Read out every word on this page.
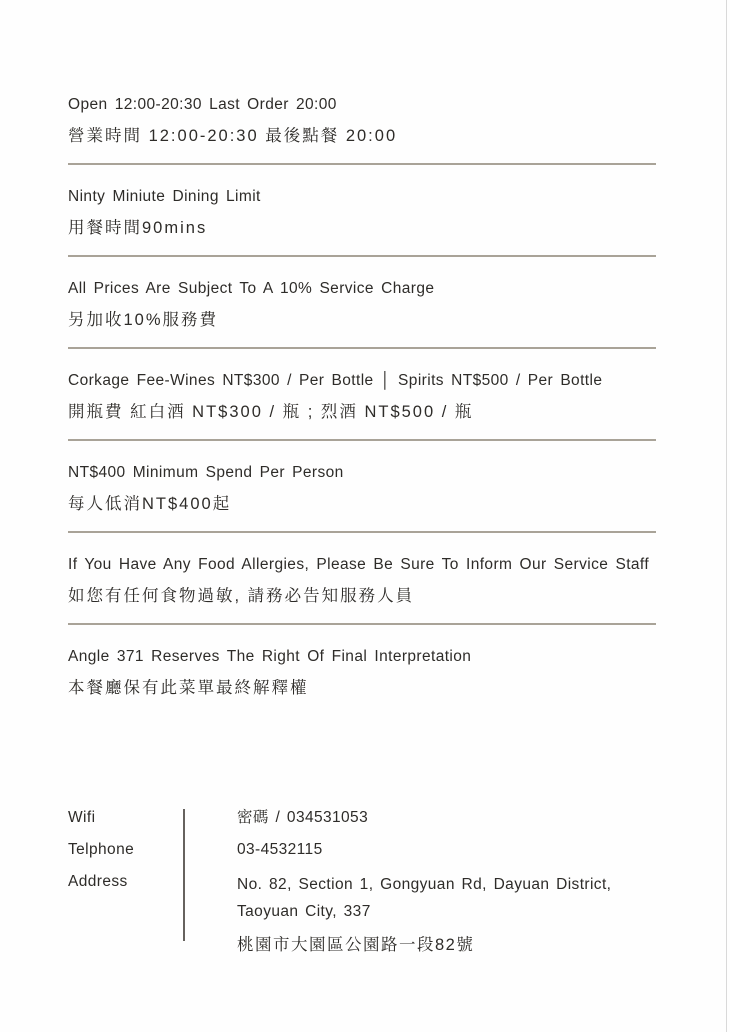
Open 12:00-20:30 Last Order 20:00

營業時間 12:00-20:30 最後點餐 20:00

Ninty Miniute Dining Limit

用餐時間90mins

All Prices Are Subject To A 10% Service Charge

另加收10%服務費

Corkage Fee-Wines NT$300 / Per Bottle │ Spirits NT$500 / Per Bottle

開瓶費 紅白酒 NT$300 / 瓶 ; 烈酒 NT$500 / 瓶

NT$400 Minimum Spend Per Person

每人低消NT$400起

If You Have Any Food Allergies, Please Be Sure To Inform Our Service Staff

如您有任何食物過敏, 請務必告知服務人員

Angle 371 Reserves The Right Of Final Interpretation

本餐廳保有此菜單最終解釋權

Wifi	密碼 / 034531053
Telphone	03-4532115
Address	No. 82, Section 1, Gongyuan Rd, Dayuan District, Taoyuan City, 337
桃園市大園區公園路一段82號
